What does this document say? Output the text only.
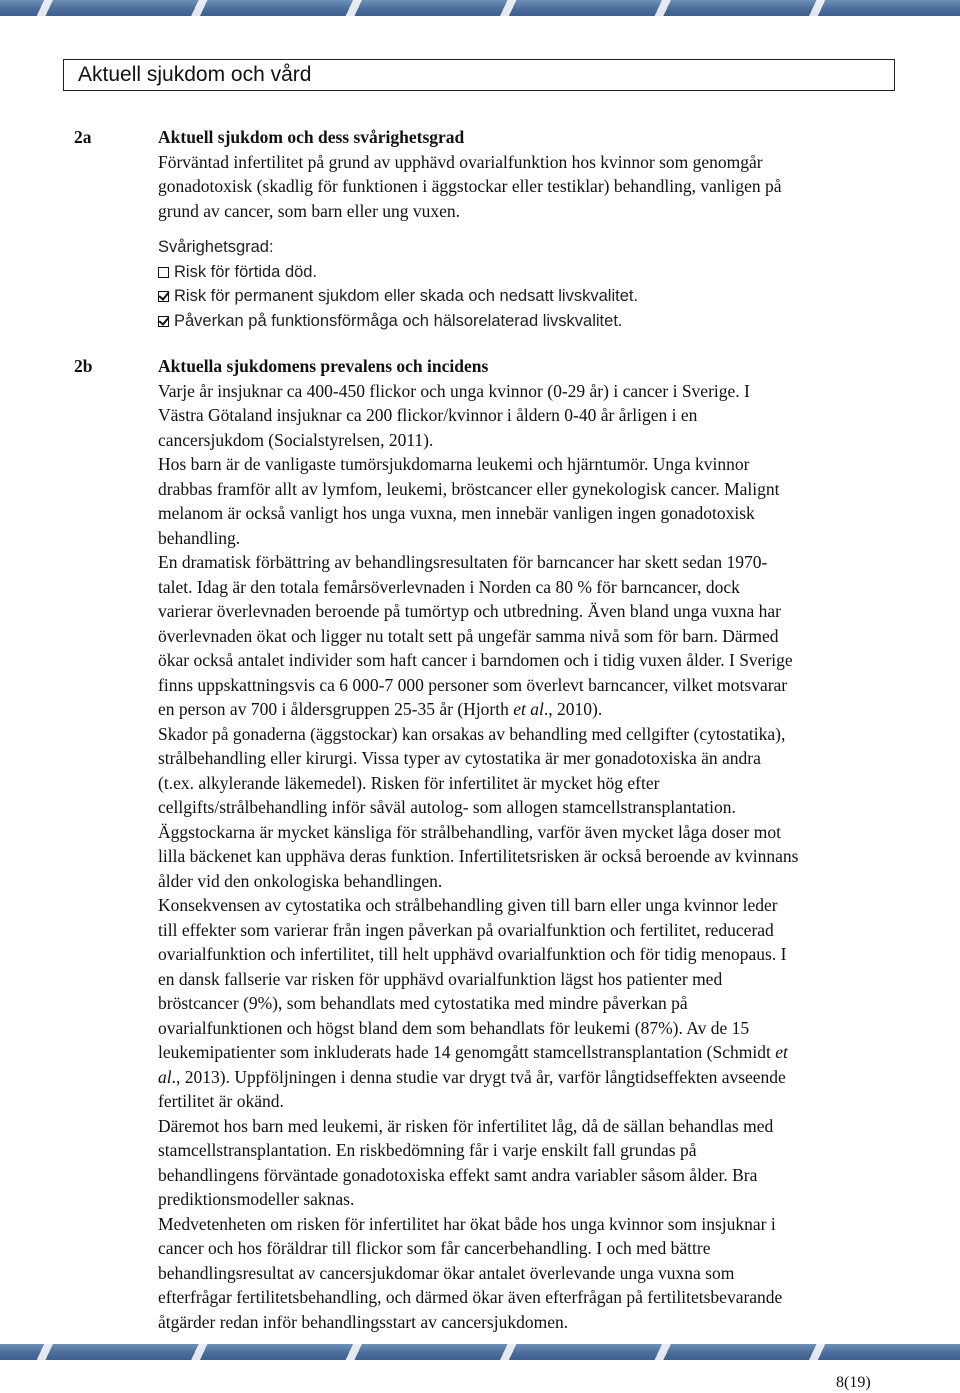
Aktuell sjukdom och vård
2a	Aktuell sjukdom och dess svårighetsgrad
Förväntad infertilitet på grund av upphävd ovarialfunktion hos kvinnor som genomgår
gonadotoxisk (skadlig för funktionen i äggstockar eller testiklar) behandling, vanligen på
grund av cancer, som barn eller ung vuxen.
Svårighetsgrad:
Risk för förtida död.
Risk för permanent sjukdom eller skada och nedsatt livskvalitet.
Påverkan på funktionsförmåga och hälsorelaterad livskvalitet.
2b	Aktuella sjukdomens prevalens och incidens
Varje år insjuknar ca 400-450 flickor och unga kvinnor (0-29 år) i cancer i Sverige. I
Västra Götaland insjuknar ca 200 flickor/kvinnor i åldern 0-40 år årligen i en
cancersjukdom (Socialstyrelsen, 2011).
Hos barn är de vanligaste tumörsjukdomarna leukemi och hjärntumör. Unga kvinnor
drabbas framför allt av lymfom, leukemi, bröstcancer eller gynekologisk cancer. Malignt
melanom är också vanligt hos unga vuxna, men innebär vanligen ingen gonadotoxisk
behandling.
En dramatisk förbättring av behandlingsresultaten för barncancer har skett sedan 1970-
talet. Idag är den totala femårsöverlevnaden i Norden ca 80 % för barncancer, dock
varierar överlevnaden beroende på tumörtyp och utbredning. Även bland unga vuxna har
överlevnaden ökat och ligger nu totalt sett på ungefär samma nivå som för barn. Därmed
ökar också antalet individer som haft cancer i barndomen och i tidig vuxen ålder. I Sverige
finns uppskattningsvis ca 6 000-7 000 personer som överlevt barncancer, vilket motsvarar
en person av 700 i åldersgruppen 25-35 år (Hjorth et al., 2010).
Skador på gonaderna (äggstockar) kan orsakas av behandling med cellgifter (cytostatika),
strålbehandling eller kirurgi. Vissa typer av cytostatika är mer gonadotoxiska än andra
(t.ex. alkylerande läkemedel). Risken för infertilitet är mycket hög efter
cellgifts/strålbehandling inför såväl autolog- som allogen stamcellstransplantation.
Äggstockarna är mycket känsliga för strålbehandling, varför även mycket låga doser mot
lilla bäckenet kan upphäva deras funktion. Infertilitetsrisken är också beroende av kvinnans
ålder vid den onkologiska behandlingen.
Konsekvensen av cytostatika och strålbehandling given till barn eller unga kvinnor leder
till effekter som varierar från ingen påverkan på ovarialfunktion och fertilitet, reducerad
ovarialfunktion och infertilitet, till helt upphävd ovarialfunktion och för tidig menopaus. I
en dansk fallserie var risken för upphävd ovarialfunktion lägst hos patienter med
bröstcancer (9%), som behandlats med cytostatika med mindre påverkan på
ovarialfunktionen och högst bland dem som behandlats för leukemi (87%). Av de 15
leukemipatienter som inkluderats hade 14 genomgått stamcellstransplantation (Schmidt et
al., 2013). Uppföljningen i denna studie var drygt två år, varför långtidseffekten avseende
fertilitet är okänd.
Däremot hos barn med leukemi, är risken för infertilitet låg, då de sällan behandlas med
stamcellstransplantation. En riskbedömning får i varje enskilt fall grundas på
behandlingens förväntade gonadotoxiska effekt samt andra variabler såsom ålder. Bra
prediktionsmodeller saknas.
Medvetenheten om risken för infertilitet har ökat både hos unga kvinnor som insjuknar i
cancer och hos föräldrar till flickor som får cancerbehandling. I och med bättre
behandlingsresultat av cancersjukdomar ökar antalet överlevande unga vuxna som
efterfrågar fertilitetsbehandling, och därmed ökar även efterfrågan på fertilitetsbevarande
åtgärder redan inför behandlingsstart av cancersjukdomen.
8(19)
